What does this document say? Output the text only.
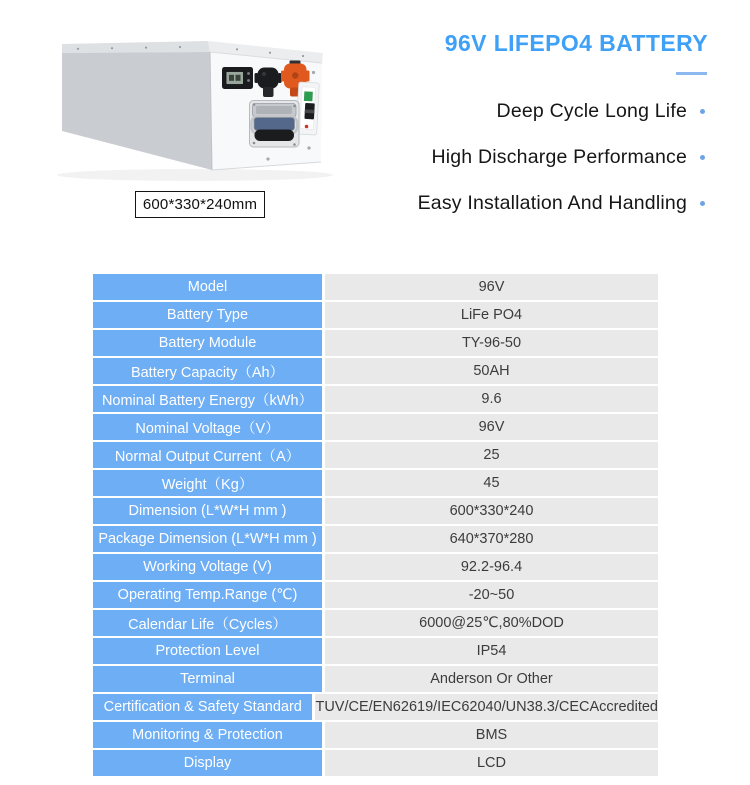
600*330*240mm
96V LIFEPO4 BATTERY
Deep Cycle Long Life
High Discharge Performance
Easy Installation And Handling
Model	96V
Battery Type	LiFe PO4
Battery Module	TY-96-50
Battery Capacity（Ah）	50AH
Nominal Battery Energy（kWh）	9.6
Nominal Voltage（V）	96V
Normal Output Current（A）	25
Weight（Kg）	45
Dimension (L*W*H mm )	600*330*240
Package Dimension (L*W*H mm )	640*370*280
Working Voltage (V)	92.2-96.4
Operating Temp.Range (℃)	-20~50
Calendar Life（Cycles）	6000@25℃,80%DOD
Protection Level	IP54
Terminal	Anderson Or Other
Certification & Safety Standard TUV/CE/EN62619/IEC62040/UN38.3/CECAccredited
Monitoring & Protection	BMS
Display	LCD
